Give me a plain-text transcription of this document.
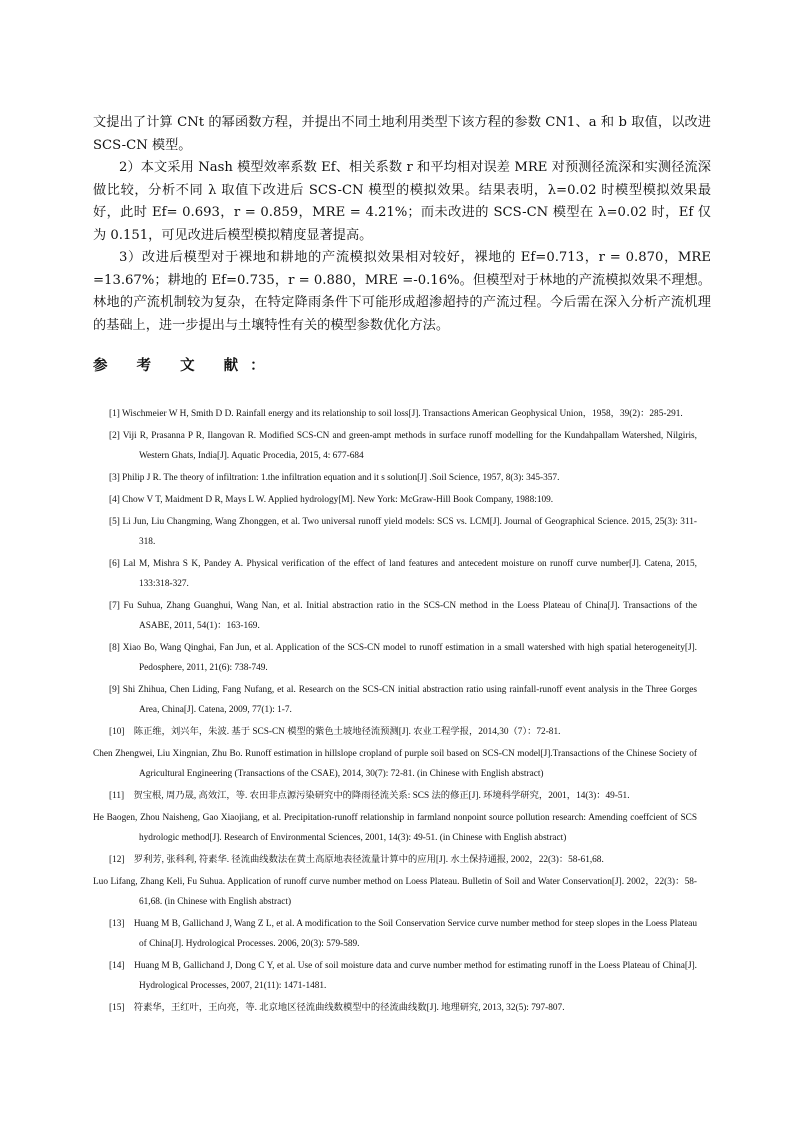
文提出了计算 CNt 的幂函数方程，并提出不同土地利用类型下该方程的参数 CN1、a 和 b 取值，以改进 SCS-CN 模型。

2）本文采用 Nash 模型效率系数 Ef、相关系数 r 和平均相对误差 MRE 对预测径流深和实测径流深做比较，分析不同 λ 取值下改进后 SCS-CN 模型的模拟效果。结果表明，λ=0.02 时模型模拟效果最好，此时 Ef= 0.693，r = 0.859，MRE = 4.21%；而未改进的 SCS-CN 模型在 λ=0.02 时，Ef 仅为 0.151，可见改进后模型模拟精度显著提高。

3）改进后模型对于裸地和耕地的产流模拟效果相对较好，裸地的 Ef=0.713，r = 0.870，MRE =13.67%；耕地的 Ef=0.735，r = 0.880，MRE =-0.16%。但模型对于林地的产流模拟效果不理想。林地的产流机制较为复杂，在特定降雨条件下可能形成超渗超持的产流过程。今后需在深入分析产流机理的基础上，进一步提出与土壤特性有关的模型参数优化方法。

参 考 文 献：

[1] Wischmeier W H, Smith D D. Rainfall energy and its relationship to soil loss[J]. Transactions American Geophysical Union，1958，39(2)：285-291.

[2] Viji R, Prasanna P R, Ilangovan R. Modified SCS-CN and green-ampt methods in surface runoff modelling for the Kundahpallam Watershed, Nilgiris, Western Ghats, India[J]. Aquatic Procedia, 2015, 4: 677-684

[3] Philip J R. The theory of infiltration: 1.the infiltration equation and it s solution[J] .Soil Science, 1957, 8(3): 345-357.

[4] Chow V T, Maidment D R, Mays L W. Applied hydrology[M]. New York: McGraw-Hill Book Company, 1988:109.

[5] Li Jun, Liu Changming, Wang Zhonggen, et al. Two universal runoff yield models: SCS vs. LCM[J]. Journal of Geographical Science. 2015, 25(3): 311-318.

[6] Lal M, Mishra S K, Pandey A. Physical verification of the effect of land features and antecedent moisture on runoff curve number[J]. Catena, 2015, 133:318-327.

[7] Fu Suhua, Zhang Guanghui, Wang Nan, et al. Initial abstraction ratio in the SCS-CN method in the Loess Plateau of China[J]. Transactions of the ASABE, 2011, 54(1)：163-169.

[8] Xiao Bo, Wang Qinghai, Fan Jun, et al. Application of the SCS-CN model to runoff estimation in a small watershed with high spatial heterogeneity[J]. Pedosphere, 2011, 21(6): 738-749.

[9] Shi Zhihua, Chen Liding, Fang Nufang, et al. Research on the SCS-CN initial abstraction ratio using rainfall-runoff event analysis in the Three Gorges Area, China[J]. Catena, 2009, 77(1): 1-7.

[10]　陈正维，刘兴年，朱波. 基于 SCS-CN 模型的紫色土坡地径流预测[J]. 农业工程学报，2014,30（7）：72-81.

Chen Zhengwei, Liu Xingnian, Zhu Bo. Runoff estimation in hillslope cropland of purple soil based on SCS-CN model[J].Transactions of the Chinese Society of Agricultural Engineering (Transactions of the CSAE), 2014, 30(7): 72-81. (in Chinese with English abstract)

[11]　贺宝根, 周乃晟, 高效江，等. 农田非点源污染研究中的降雨径流关系: SCS 法的修正[J]. 环境科学研究，2001，14(3)：49-51.

He Baogen, Zhou Naisheng, Gao Xiaojiang, et al. Precipitation-runoff relationship in farmland nonpoint source pollution research: Amending coeffcient of SCS hydrologic method[J]. Research of Environmental Sciences, 2001, 14(3): 49-51. (in Chinese with English abstract)

[12]　罗利芳, 张科利, 符素华. 径流曲线数法在黄土高原地表径流量计算中的应用[J]. 水土保持通报, 2002，22(3)：58-61,68.

Luo Lifang, Zhang Keli, Fu Suhua. Application of runoff curve number method on Loess Plateau. Bulletin of Soil and Water Conservation[J]. 2002，22(3)：58-61,68. (in Chinese with English abstract)

[13]　Huang M B, Gallichand J, Wang Z L, et al. A modification to the Soil Conservation Service curve number method for steep slopes in the Loess Plateau of China[J]. Hydrological Processes. 2006, 20(3): 579-589.

[14]　Huang M B, Gallichand J, Dong C Y, et al. Use of soil moisture data and curve number method for estimating runoff in the Loess Plateau of China[J]. Hydrological Processes, 2007, 21(11): 1471-1481.

[15]　符素华，王红叶，王向亮，等. 北京地区径流曲线数模型中的径流曲线数[J]. 地理研究, 2013, 32(5): 797-807.
